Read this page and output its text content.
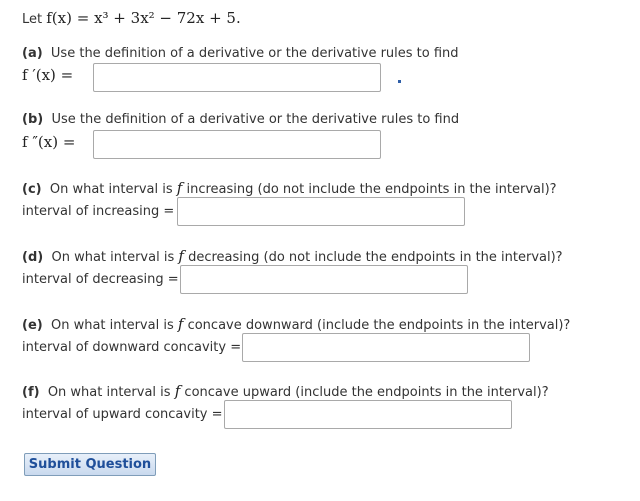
Let f(x) = x³ + 3x² − 72x + 5.
(a) Use the definition of a derivative or the derivative rules to find
f ′(x) =
(b) Use the definition of a derivative or the derivative rules to find
f ″(x) =
(c) On what interval is f increasing (do not include the endpoints in the interval)?
interval of increasing =
(d) On what interval is f decreasing (do not include the endpoints in the interval)?
interval of decreasing =
(e) On what interval is f concave downward (include the endpoints in the interval)?
interval of downward concavity =
(f) On what interval is f concave upward (include the endpoints in the interval)?
interval of upward concavity =
Submit Question
